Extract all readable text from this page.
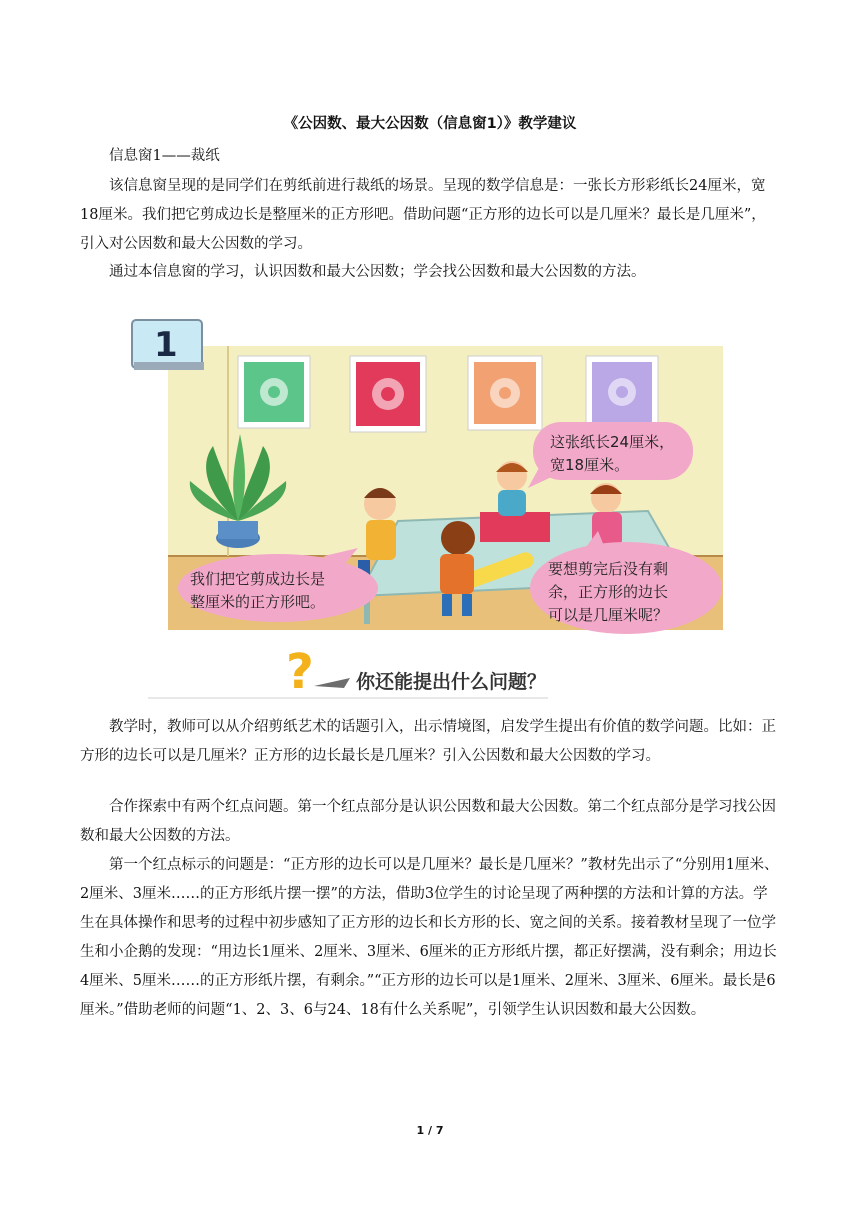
《公因数、最大公因数（信息窗1）》教学建议

信息窗1——裁纸

该信息窗呈现的是同学们在剪纸前进行裁纸的场景。呈现的数学信息是：一张长方形彩纸长24厘米，宽18厘米。我们把它剪成边长是整厘米的正方形吧。借助问题“正方形的边长可以是几厘米？最长是几厘米”，引入对公因数和最大公因数的学习。

通过本信息窗的学习，认识因数和最大公因数；学会找公因数和最大公因数的方法。

1
这张纸长24厘米，
宽18厘米。
我们把它剪成边长是
整厘米的正方形吧。
要想剪完后没有剩
余，正方形的边长
可以是几厘米呢？
? 你还能提出什么问题？

教学时，教师可以从介绍剪纸艺术的话题引入，出示情境图，启发学生提出有价值的数学问题。比如：正方形的边长可以是几厘米？正方形的边长最长是几厘米？引入公因数和最大公因数的学习。

合作探索中有两个红点问题。第一个红点部分是认识公因数和最大公因数。第二个红点部分是学习找公因数和最大公因数的方法。

第一个红点标示的问题是：“正方形的边长可以是几厘米？最长是几厘米？”教材先出示了“分别用1厘米、2厘米、3厘米……的正方形纸片摆一摆”的方法，借助3位学生的讨论呈现了两种摆的方法和计算的方法。学生在具体操作和思考的过程中初步感知了正方形的边长和长方形的长、宽之间的关系。接着教材呈现了一位学生和小企鹅的发现：“用边长1厘米、2厘米、3厘米、6厘米的正方形纸片摆，都正好摆满，没有剩余；用边长4厘米、5厘米……的正方形纸片摆，有剩余。”“正方形的边长可以是1厘米、2厘米、3厘米、6厘米。最长是6厘米。”借助老师的问题“1、2、3、6与24、18有什么关系呢”，引领学生认识因数和最大公因数。

1 / 7
